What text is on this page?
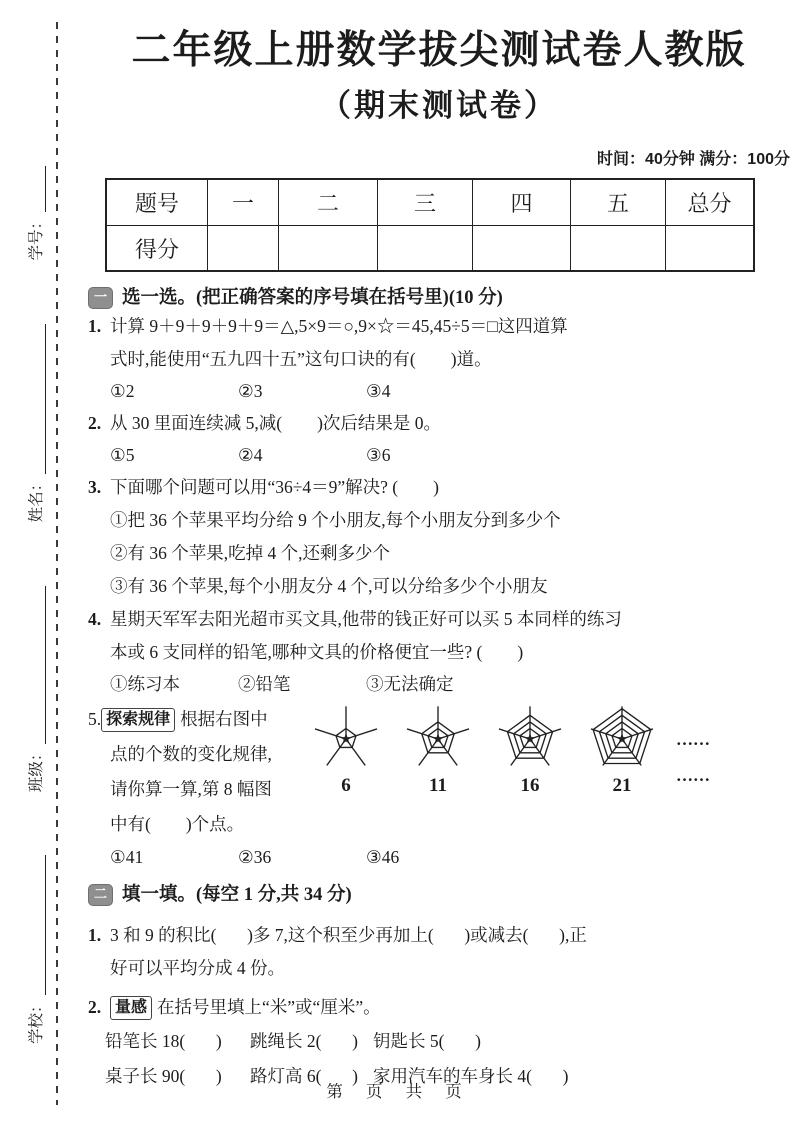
学校：
班级：
姓名：
学号：
二年级上册数学拔尖测试卷人教版
（期末测试卷）
时间：40分钟 满分：100分
题号	一	二	三	四	五	总分
得分						
一 选一选。(把正确答案的序号填在括号里)(10 分)
1. 计算 9＋9＋9＋9＋9＝△,5×9＝○,9×☆＝45,45÷5＝□这四道算
式时,能使用“五九四十五”这句口诀的有(        )道。
①2	②3	③4
2. 从 30 里面连续减 5,减(        )次后结果是 0。
①5	②4	③6
3. 下面哪个问题可以用“36÷4＝9”解决? (        )
①把 36 个苹果平均分给 9 个小朋友,每个小朋友分到多少个
②有 36 个苹果,吃掉 4 个,还剩多少个
③有 36 个苹果,每个小朋友分 4 个,可以分给多少个小朋友
4. 星期天军军去阳光超市买文具,他带的钱正好可以买 5 本同样的练习
本或 6 支同样的铅笔,哪种文具的价格便宜一些? (        )
①练习本	②铅笔	③无法确定
5. 探索规律 根据右图中
点的个数的变化规律,
请你算一算,第 8 幅图
中有(        )个点。
6	11	16	21
……
……
①41	②36	③46
二 填一填。(每空 1 分,共 34 分)
1. 3 和 9 的积比(       )多 7,这个积至少再加上(       )或减去(       ),正
好可以平均分成 4 份。
2. 量感 在括号里填上“米”或“厘米”。
铅笔长 18(       )	跳绳长 2(       ) 钥匙长 5(       )
桌子长 90(       )	路灯高 6(       ) 家用汽车的车身长 4(       )
第 页 共 页
